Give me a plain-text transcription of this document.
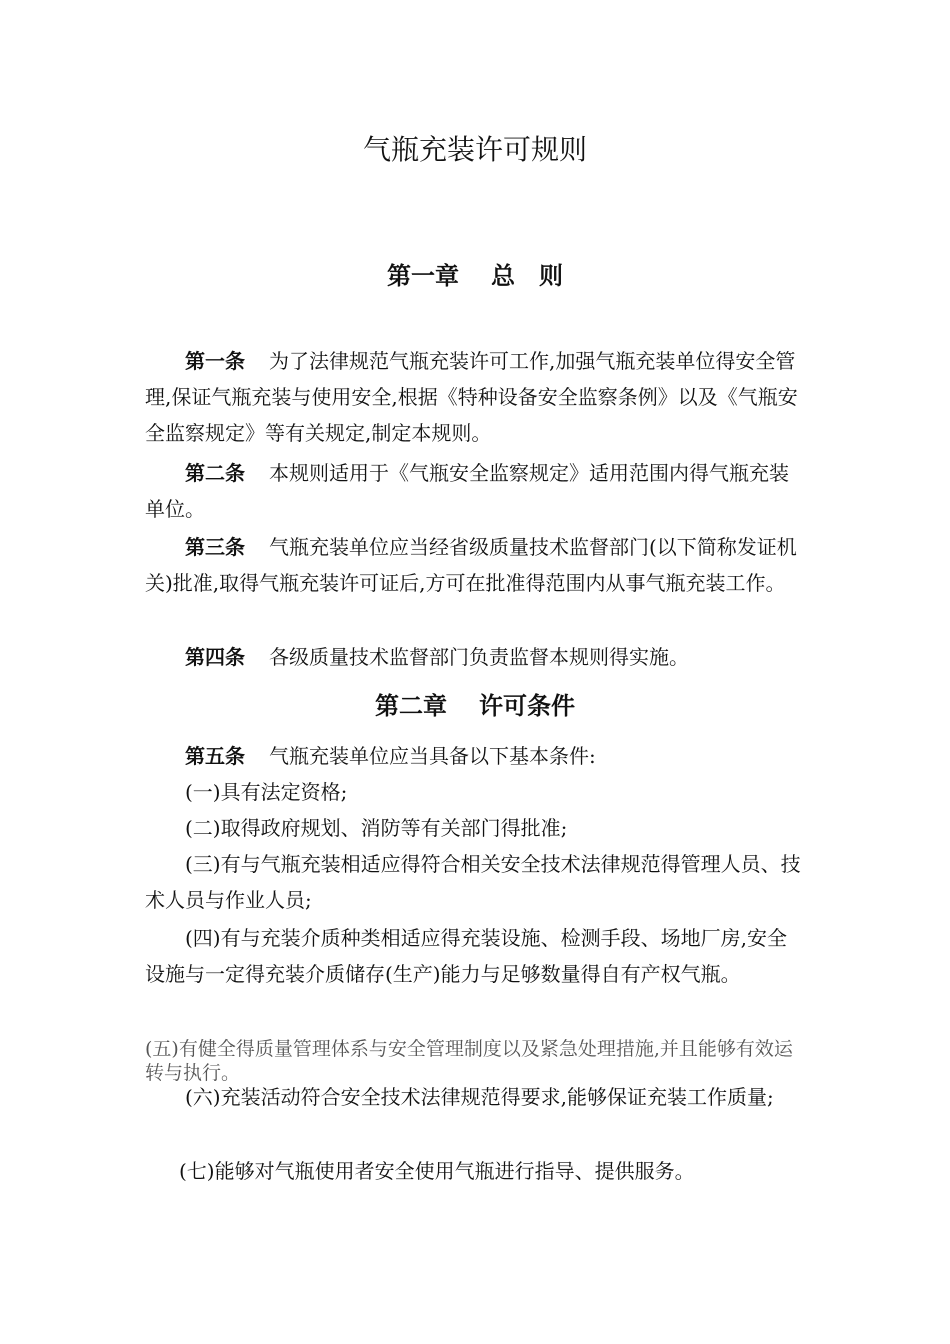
气瓶充装许可规则
第一章 总　则

第一条 为了法律规范气瓶充装许可工作,加强气瓶充装单位得安全管理,保证气瓶充装与使用安全,根据《特种设备安全监察条例》以及《气瓶安全监察规定》等有关规定,制定本规则。

第二条 本规则适用于《气瓶安全监察规定》适用范围内得气瓶充装单位。

第三条 气瓶充装单位应当经省级质量技术监督部门(以下简称发证机关)批准,取得气瓶充装许可证后,方可在批准得范围内从事气瓶充装工作。

第四条 各级质量技术监督部门负责监督本规则得实施。

第二章 许可条件

第五条 气瓶充装单位应当具备以下基本条件:

(一)具有法定资格;

(二)取得政府规划、消防等有关部门得批准;

(三)有与气瓶充装相适应得符合相关安全技术法律规范得管理人员、技术人员与作业人员;

(四)有与充装介质种类相适应得充装设施、检测手段、场地厂房,安全设施与一定得充装介质储存(生产)能力与足够数量得自有产权气瓶。

(五)有健全得质量管理体系与安全管理制度以及紧急处理措施,并且能够有效运转与执行。

(六)充装活动符合安全技术法律规范得要求,能够保证充装工作质量;

(七)能够对气瓶使用者安全使用气瓶进行指导、提供服务。
